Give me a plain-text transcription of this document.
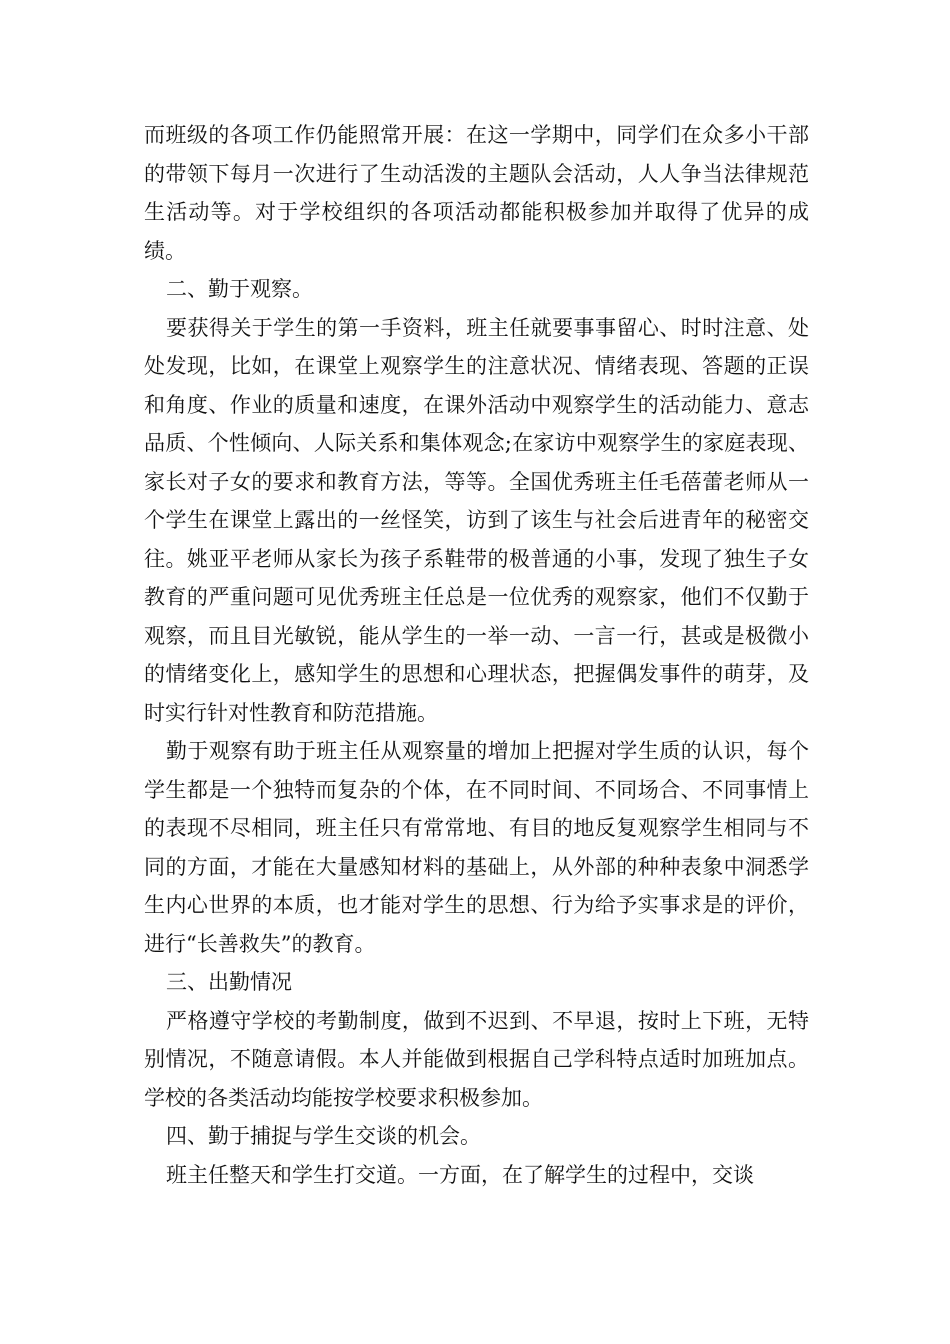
而班级的各项工作仍能照常开展：在这一学期中，同学们在众多小干部的带领下每月一次进行了生动活泼的主题队会活动，人人争当法律规范生活动等。对于学校组织的各项活动都能积极参加并取得了优异的成绩。

二、勤于观察。

要获得关于学生的第一手资料，班主任就要事事留心、时时注意、处处发现，比如，在课堂上观察学生的注意状况、情绪表现、答题的正误和角度、作业的质量和速度，在课外活动中观察学生的活动能力、意志品质、个性倾向、人际关系和集体观念;在家访中观察学生的家庭表现、家长对子女的要求和教育方法，等等。全国优秀班主任毛蓓蕾老师从一个学生在课堂上露出的一丝怪笑，访到了该生与社会后进青年的秘密交往。姚亚平老师从家长为孩子系鞋带的极普通的小事，发现了独生子女教育的严重问题可见优秀班主任总是一位优秀的观察家，他们不仅勤于观察，而且目光敏锐，能从学生的一举一动、一言一行，甚或是极微小的情绪变化上，感知学生的思想和心理状态，把握偶发事件的萌芽，及时实行针对性教育和防范措施。

勤于观察有助于班主任从观察量的增加上把握对学生质的认识，每个学生都是一个独特而复杂的个体，在不同时间、不同场合、不同事情上的表现不尽相同，班主任只有常常地、有目的地反复观察学生相同与不同的方面，才能在大量感知材料的基础上，从外部的种种表象中洞悉学生内心世界的本质，也才能对学生的思想、行为给予实事求是的评价，进行“长善救失”的教育。

三、出勤情况

严格遵守学校的考勤制度，做到不迟到、不早退，按时上下班，无特别情况，不随意请假。本人并能做到根据自己学科特点适时加班加点。学校的各类活动均能按学校要求积极参加。

四、勤于捕捉与学生交谈的机会。

班主任整天和学生打交道。一方面，在了解学生的过程中，交谈
